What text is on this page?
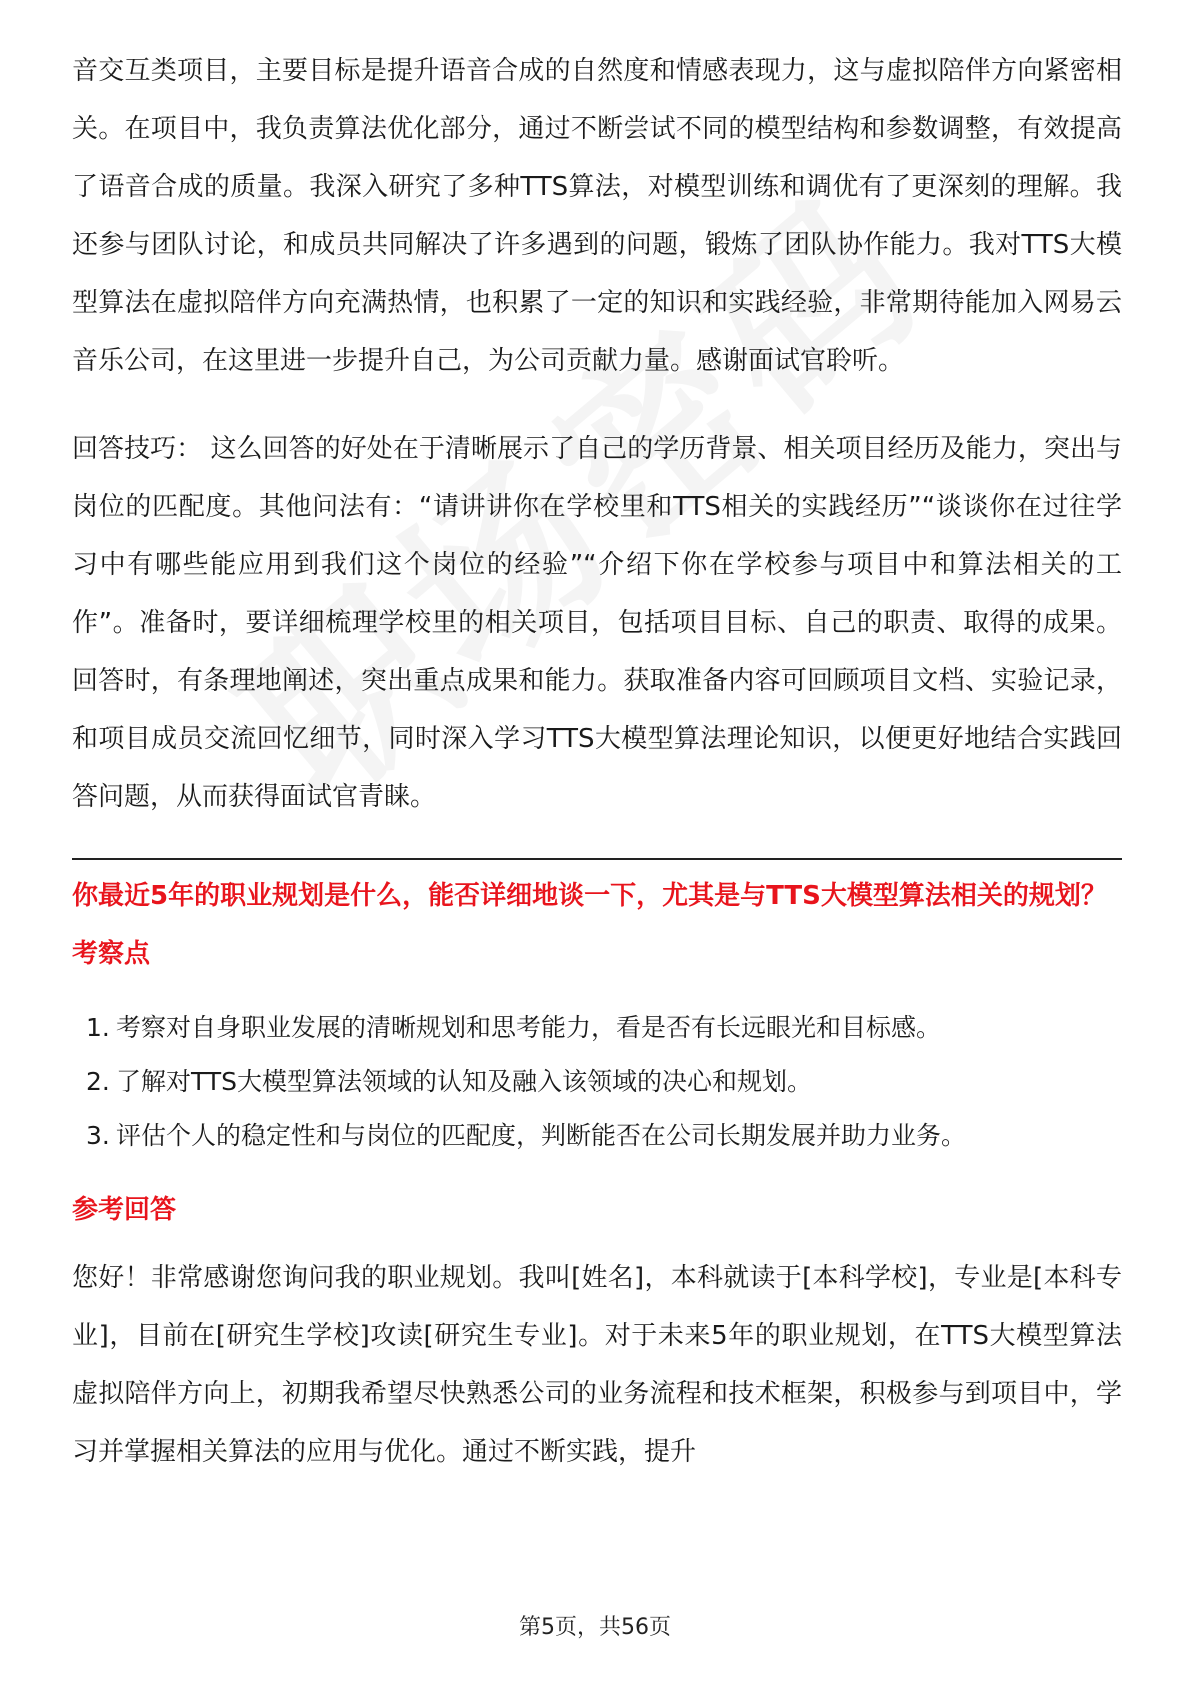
音交互类项目，主要目标是提升语音合成的自然度和情感表现力，这与虚拟陪伴方向紧密相关。在项目中，我负责算法优化部分，通过不断尝试不同的模型结构和参数调整，有效提高了语音合成的质量。我深入研究了多种TTS算法，对模型训练和调优有了更深刻的理解。我还参与团队讨论，和成员共同解决了许多遇到的问题，锻炼了团队协作能力。我对TTS大模型算法在虚拟陪伴方向充满热情，也积累了一定的知识和实践经验，非常期待能加入网易云音乐公司，在这里进一步提升自己，为公司贡献力量。感谢面试官聆听。

回答技巧： 这么回答的好处在于清晰展示了自己的学历背景、相关项目经历及能力，突出与岗位的匹配度。其他问法有：“请讲讲你在学校里和TTS相关的实践经历”“谈谈你在过往学习中有哪些能应用到我们这个岗位的经验”“介绍下你在学校参与项目中和算法相关的工作”。准备时，要详细梳理学校里的相关项目，包括项目目标、自己的职责、取得的成果。回答时，有条理地阐述，突出重点成果和能力。获取准备内容可回顾项目文档、实验记录，和项目成员交流回忆细节，同时深入学习TTS大模型算法理论知识，以便更好地结合实践回答问题，从而获得面试官青睐。

你最近5年的职业规划是什么，能否详细地谈一下，尤其是与TTS大模型算法相关的规划？
考察点
1. 考察对自身职业发展的清晰规划和思考能力，看是否有长远眼光和目标感。
2. 了解对TTS大模型算法领域的认知及融入该领域的决心和规划。
3. 评估个人的稳定性和与岗位的匹配度，判断能否在公司长期发展并助力业务。
参考回答

您好！非常感谢您询问我的职业规划。我叫[姓名]，本科就读于[本科学校]，专业是[本科专业]，目前在[研究生学校]攻读[研究生专业]。对于未来5年的职业规划，在TTS大模型算法虚拟陪伴方向上，初期我希望尽快熟悉公司的业务流程和技术框架，积极参与到项目中，学习并掌握相关算法的应用与优化。通过不断实践，提升

第5页，共56页
